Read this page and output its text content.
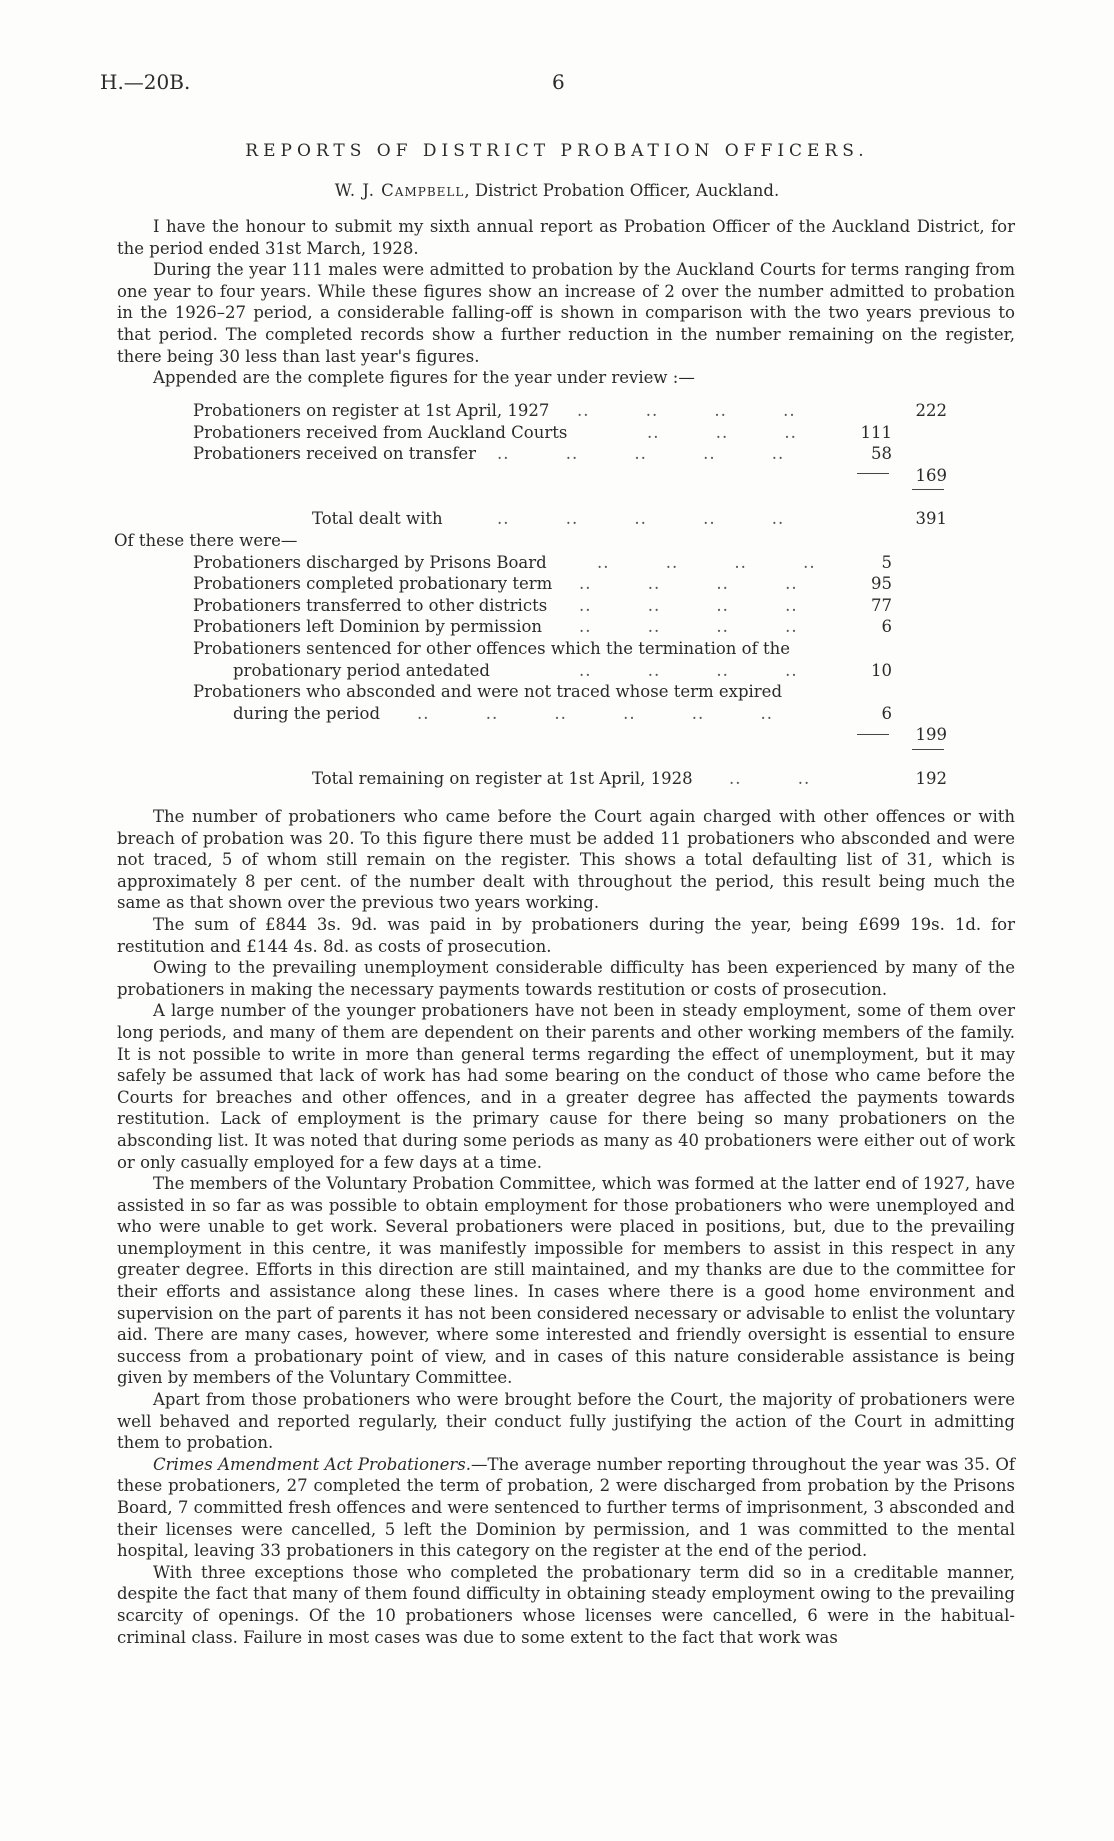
H.—20B.	6
REPORTS OF DISTRICT PROBATION OFFICERS.
W. J. Campbell, District Probation Officer, Auckland.

I have the honour to submit my sixth annual report as Probation Officer of the Auckland District, for the period ended 31st March, 1928.

During the year 111 males were admitted to probation by the Auckland Courts for terms ranging from one year to four years. While these figures show an increase of 2 over the number admitted to probation in the 1926–27 period, a considerable falling-off is shown in comparison with the two years previous to that period. The completed records show a further reduction in the number remaining on the register, there being 30 less than last year's figures.

Appended are the complete figures for the year under review :—

Probationers on register at 1st April, 1927 ..         ..         ..         ..	222
Probationers received from Auckland Courts	..         ..         ..	111
Probationers received on transfer ..         ..         ..         ..         ..	58
169
Total dealt with	..         ..         ..         ..         ..	391
Of these there were—
Probationers discharged by Prisons Board	..         ..         ..         ..	5
Probationers completed probationary term ..         ..         ..         ..	95
Probationers transferred to other districts ..         ..         ..         ..	77
Probationers left Dominion by permission ..         ..         ..         ..	6
Probationers sentenced for other offences which the termination of the
probationary period antedated	..         ..         ..         ..	10
Probationers who absconded and were not traced whose term expired
during the period ..         ..         ..         ..         ..         ..	6
199
Total remaining on register at 1st April, 1928 ..         ..	192

The number of probationers who came before the Court again charged with other offences or with breach of probation was 20. To this figure there must be added 11 probationers who absconded and were not traced, 5 of whom still remain on the register. This shows a total defaulting list of 31, which is approximately 8 per cent. of the number dealt with throughout the period, this result being much the same as that shown over the previous two years working.

The sum of £844 3s. 9d. was paid in by probationers during the year, being £699 19s. 1d. for restitution and £144 4s. 8d. as costs of prosecution.

Owing to the prevailing unemployment considerable difficulty has been experienced by many of the probationers in making the necessary payments towards restitution or costs of prosecution.

A large number of the younger probationers have not been in steady employment, some of them over long periods, and many of them are dependent on their parents and other working members of the family. It is not possible to write in more than general terms regarding the effect of unemployment, but it may safely be assumed that lack of work has had some bearing on the conduct of those who came before the Courts for breaches and other offences, and in a greater degree has affected the payments towards restitution. Lack of employment is the primary cause for there being so many probationers on the absconding list. It was noted that during some periods as many as 40 probationers were either out of work or only casually employed for a few days at a time.

The members of the Voluntary Probation Committee, which was formed at the latter end of 1927, have assisted in so far as was possible to obtain employment for those probationers who were unemployed and who were unable to get work. Several probationers were placed in positions, but, due to the prevailing unemployment in this centre, it was manifestly impossible for members to assist in this respect in any greater degree. Efforts in this direction are still maintained, and my thanks are due to the committee for their efforts and assistance along these lines. In cases where there is a good home environment and supervision on the part of parents it has not been considered necessary or advisable to enlist the voluntary aid. There are many cases, however, where some interested and friendly oversight is essential to ensure success from a probationary point of view, and in cases of this nature considerable assistance is being given by members of the Voluntary Committee.

Apart from those probationers who were brought before the Court, the majority of probationers were well behaved and reported regularly, their conduct fully justifying the action of the Court in admitting them to probation.

Crimes Amendment Act Probationers.—The average number reporting throughout the year was 35. Of these probationers, 27 completed the term of probation, 2 were discharged from probation by the Prisons Board, 7 committed fresh offences and were sentenced to further terms of imprisonment, 3 absconded and their licenses were cancelled, 5 left the Dominion by permission, and 1 was committed to the mental hospital, leaving 33 probationers in this category on the register at the end of the period.

With three exceptions those who completed the probationary term did so in a creditable manner, despite the fact that many of them found difficulty in obtaining steady employment owing to the prevailing scarcity of openings. Of the 10 probationers whose licenses were cancelled, 6 were in the habitual-criminal class. Failure in most cases was due to some extent to the fact that work was
